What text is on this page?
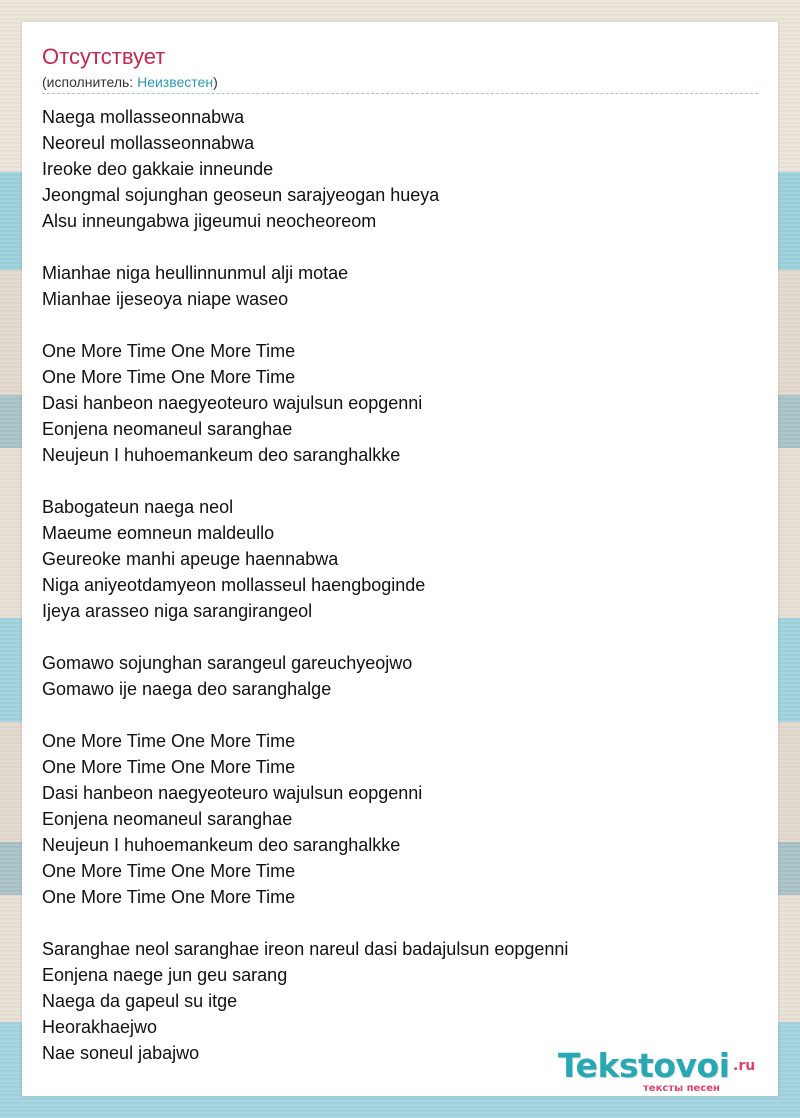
Отсутствует
(исполнитель: Неизвестен)
Naega mollasseonnabwa
Neoreul mollasseonnabwa
Ireoke deo gakkaie inneunde
Jeongmal sojunghan geoseun sarajyeogan hueya
Alsu inneungabwa jigeumui neocheoreom
Mianhae niga heullinnunmul alji motae
Mianhae ijeseoya niape waseo
One More Time One More Time
One More Time One More Time
Dasi hanbeon naegyeoteuro wajulsun eopgenni
Eonjena neomaneul saranghae
Neujeun I huhoemankeum deo saranghalkke
Babogateun naega neol
Maeume eomneun maldeullo
Geureoke manhi apeuge haennabwa
Niga aniyeotdamyeon mollasseul haengboginde
Ijeya arasseo niga sarangirangeol
Gomawo sojunghan sarangeul gareuchyeojwo
Gomawo ije naega deo saranghalge
One More Time One More Time
One More Time One More Time
Dasi hanbeon naegyeoteuro wajulsun eopgenni
Eonjena neomaneul saranghae
Neujeun I huhoemankeum deo saranghalkke
One More Time One More Time
One More Time One More Time
Saranghae neol saranghae ireon nareul dasi badajulsun eopgenni
Eonjena naege jun geu sarang
Naega da gapeul su itge
Heorakhaejwo
Nae soneul jabajwo	Tekstovoi .ru
тексты песен
